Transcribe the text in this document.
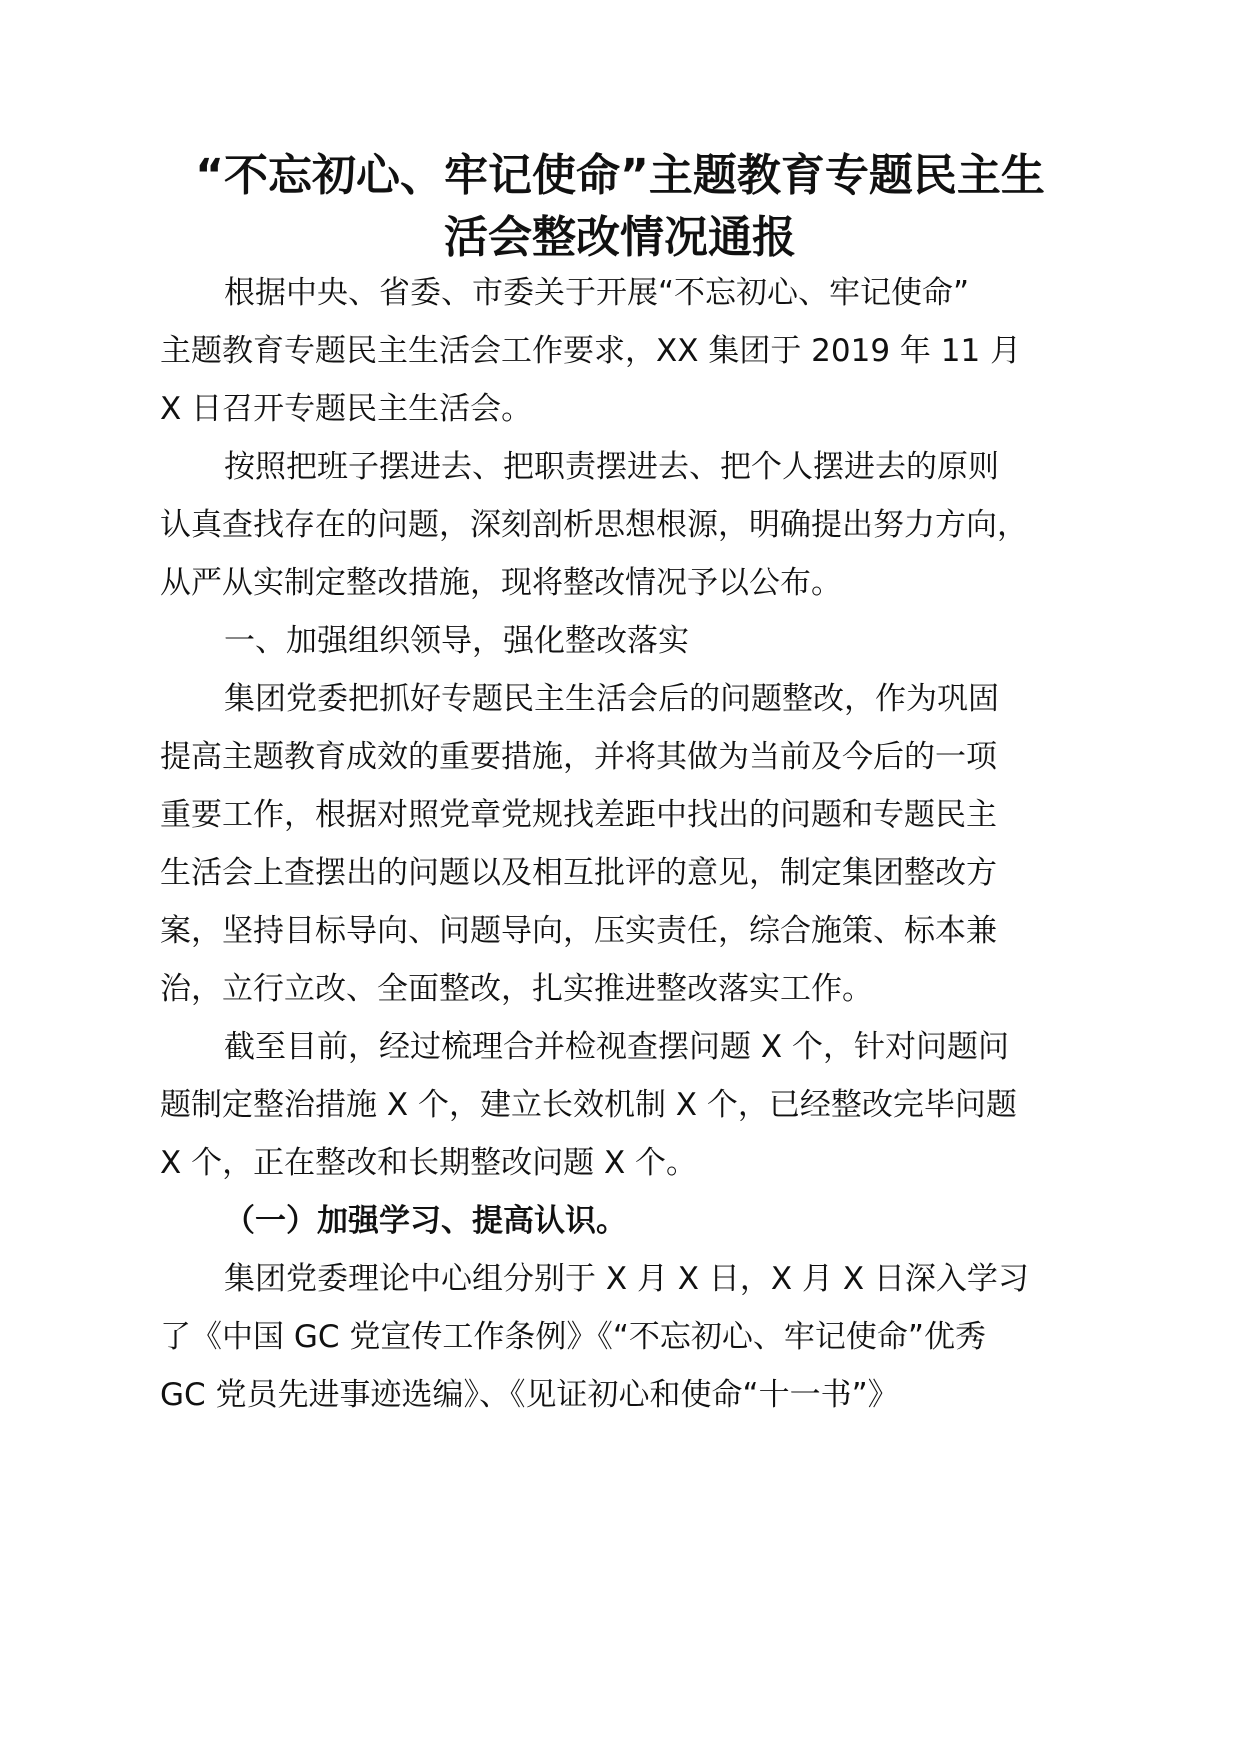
“不忘初心、牢记使命”主题教育专题民主生
活会整改情况通报
根据中央、省委、市委关于开展“不忘初心、牢记使命”
主题教育专题民主生活会工作要求，XX 集团于 2019 年 11 月
X 日召开专题民主生活会。
按照把班子摆进去、把职责摆进去、把个人摆进去的原则
认真查找存在的问题，深刻剖析思想根源，明确提出努力方向，
从严从实制定整改措施，现将整改情况予以公布。
一、加强组织领导，强化整改落实
集团党委把抓好专题民主生活会后的问题整改，作为巩固
提高主题教育成效的重要措施，并将其做为当前及今后的一项
重要工作，根据对照党章党规找差距中找出的问题和专题民主
生活会上查摆出的问题以及相互批评的意见，制定集团整改方
案，坚持目标导向、问题导向，压实责任，综合施策、标本兼
治，立行立改、全面整改，扎实推进整改落实工作。
截至目前，经过梳理合并检视查摆问题 X 个，针对问题问
题制定整治措施 X 个，建立长效机制 X 个，已经整改完毕问题
X 个，正在整改和长期整改问题 X 个。
（一）加强学习、提高认识。
集团党委理论中心组分别于 X 月 X 日，X 月 X 日深入学习
了《中国 GC 党宣传工作条例》《“不忘初心、牢记使命”优秀
GC 党员先进事迹选编》、《见证初心和使命“十一书”》
